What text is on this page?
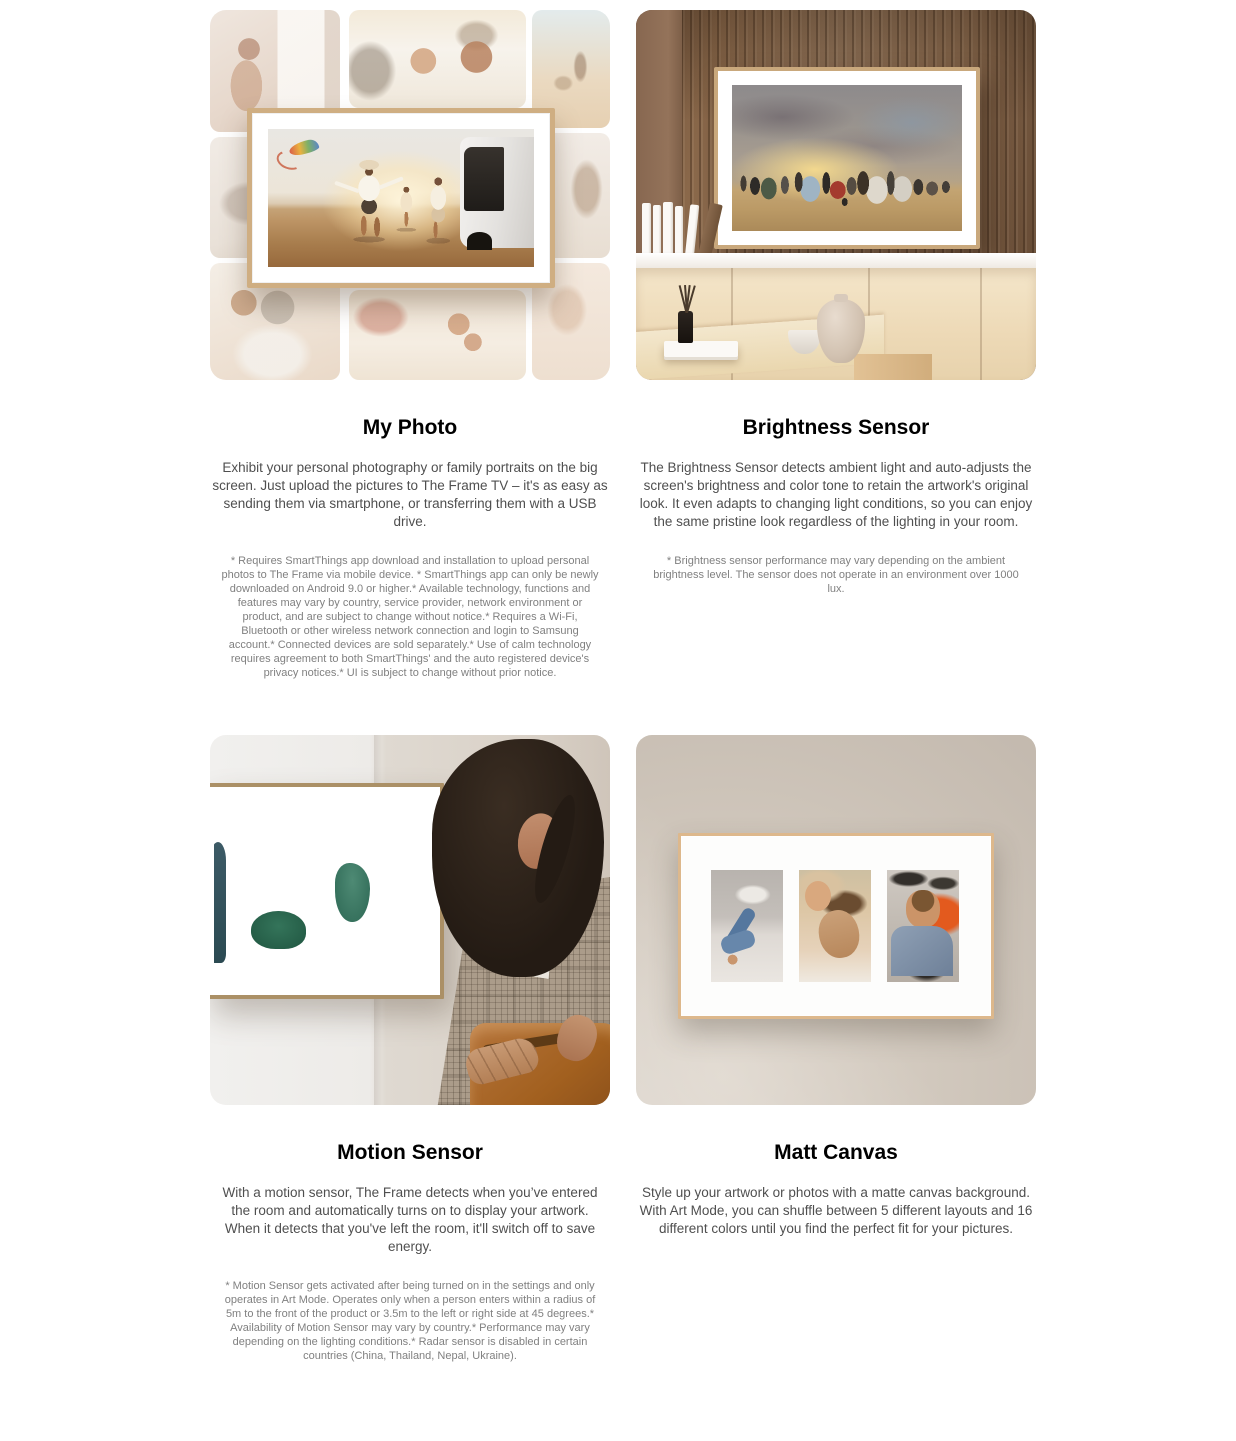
My Photo

Exhibit your personal photography or family portraits on the big screen. Just upload the pictures to The Frame TV – it's as easy as sending them via smartphone, or transferring them with a USB drive.

* Requires SmartThings app download and installation to upload personal photos to The Frame via mobile device. * SmartThings app can only be newly downloaded on Android 9.0 or higher.* Available technology, functions and features may vary by country, service provider, network environment or product, and are subject to change without notice.* Requires a Wi-Fi, Bluetooth or other wireless network connection and login to Samsung account.* Connected devices are sold separately.* Use of calm technology requires agreement to both SmartThings' and the auto registered device's privacy notices.* UI is subject to change without prior notice.

Brightness Sensor

The Brightness Sensor detects ambient light and auto-adjusts the screen's brightness and color tone to retain the artwork's original look. It even adapts to changing light conditions, so you can enjoy the same pristine look regardless of the lighting in your room.

* Brightness sensor performance may vary depending on the ambient brightness level. The sensor does not operate in an environment over 1000 lux.

Motion Sensor

With a motion sensor, The Frame detects when you’ve entered the room and automatically turns on to display your artwork. When it detects that you've left the room, it'll switch off to save energy.

* Motion Sensor gets activated after being turned on in the settings and only operates in Art Mode. Operates only when a person enters within a radius of 5m to the front of the product or 3.5m to the left or right side at 45 degrees.* Availability of Motion Sensor may vary by country.* Performance may vary depending on the lighting conditions.* Radar sensor is disabled in certain countries (China, Thailand, Nepal, Ukraine).

Matt Canvas

Style up your artwork or photos with a matte canvas background. With Art Mode, you can shuffle between 5 different layouts and 16 different colors until you find the perfect fit for your pictures.
